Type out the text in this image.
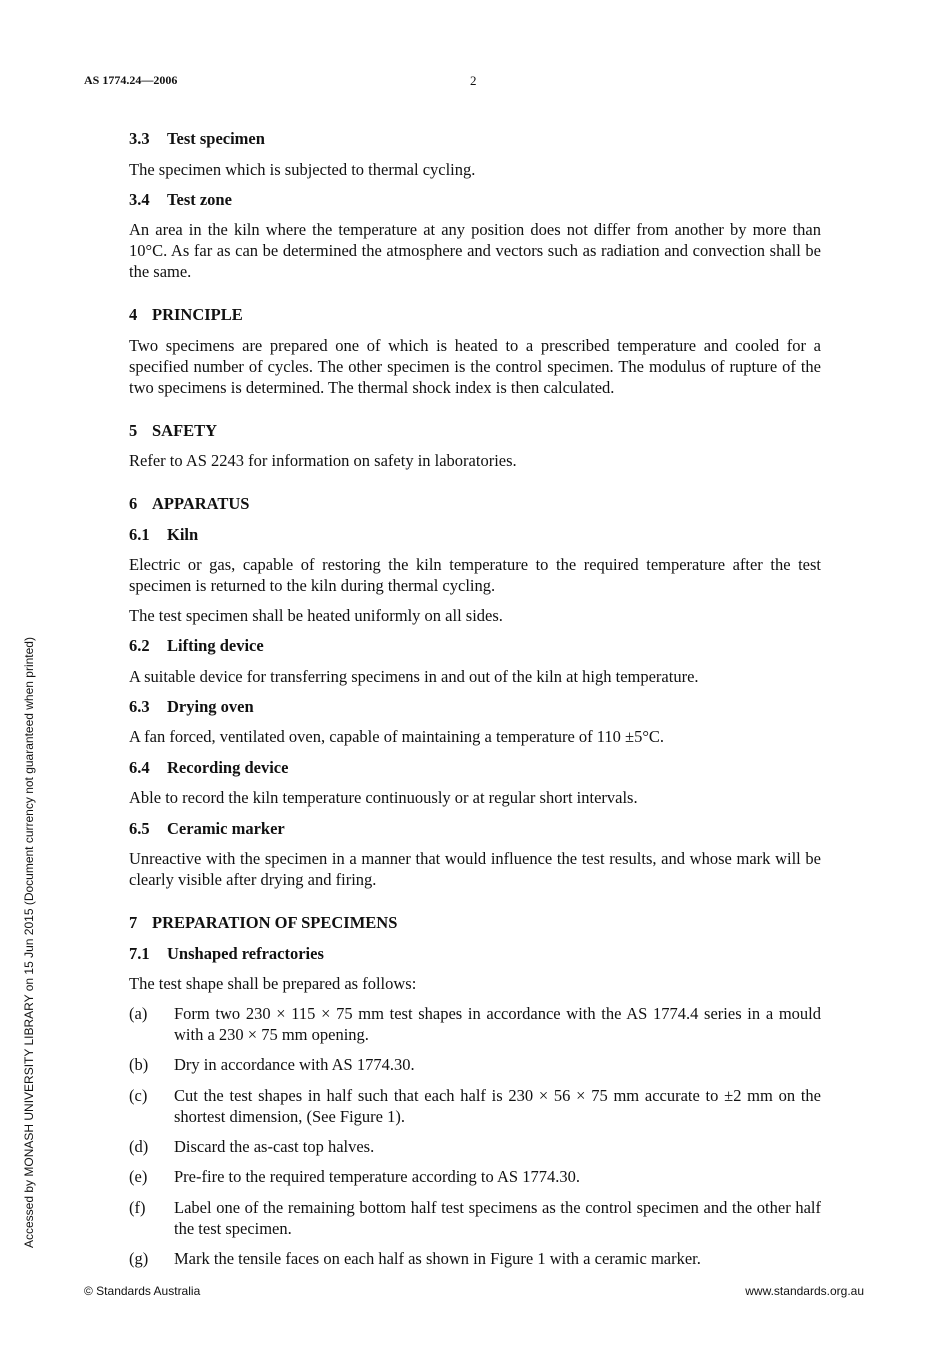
AS 1774.24—2006	2
3.3 Test specimen

The specimen which is subjected to thermal cycling.

3.4 Test zone

An area in the kiln where the temperature at any position does not differ from another by more than 10°C. As far as can be determined the atmosphere and vectors such as radiation and convection shall be the same.

4 PRINCIPLE

Two specimens are prepared one of which is heated to a prescribed temperature and cooled for a specified number of cycles. The other specimen is the control specimen. The modulus of rupture of the two specimens is determined. The thermal shock index is then calculated.

5 SAFETY

Refer to AS 2243 for information on safety in laboratories.

6 APPARATUS
6.1 Kiln

Electric or gas, capable of restoring the kiln temperature to the required temperature after the test specimen is returned to the kiln during thermal cycling.

The test specimen shall be heated uniformly on all sides.

6.2 Lifting device

A suitable device for transferring specimens in and out of the kiln at high temperature.

6.3 Drying oven

A fan forced, ventilated oven, capable of maintaining a temperature of 110 ±5°C.

6.4 Recording device

Able to record the kiln temperature continuously or at regular short intervals.

6.5 Ceramic marker

Unreactive with the specimen in a manner that would influence the test results, and whose mark will be clearly visible after drying and firing.

7 PREPARATION OF SPECIMENS
7.1 Unshaped refractories

The test shape shall be prepared as follows:

(a)	Form two 230 × 115 × 75 mm test shapes in accordance with the AS 1774.4 series in a mould with a 230 × 75 mm opening.
(b)	Dry in accordance with AS 1774.30.
(c)	Cut the test shapes in half such that each half is 230 × 56 × 75 mm accurate to ±2 mm on the shortest dimension, (See Figure 1).
(d)	Discard the as-cast top halves.
(e)	Pre-fire to the required temperature according to AS 1774.30.
(f)	Label one of the remaining bottom half test specimens as the control specimen and the other half the test specimen.
(g)	Mark the tensile faces on each half as shown in Figure 1 with a ceramic marker.
Accessed by MONASH UNIVERSITY LIBRARY on 15 Jun 2015 (Document currency not guaranteed when printed)
© Standards Australia	www.standards.org.au
